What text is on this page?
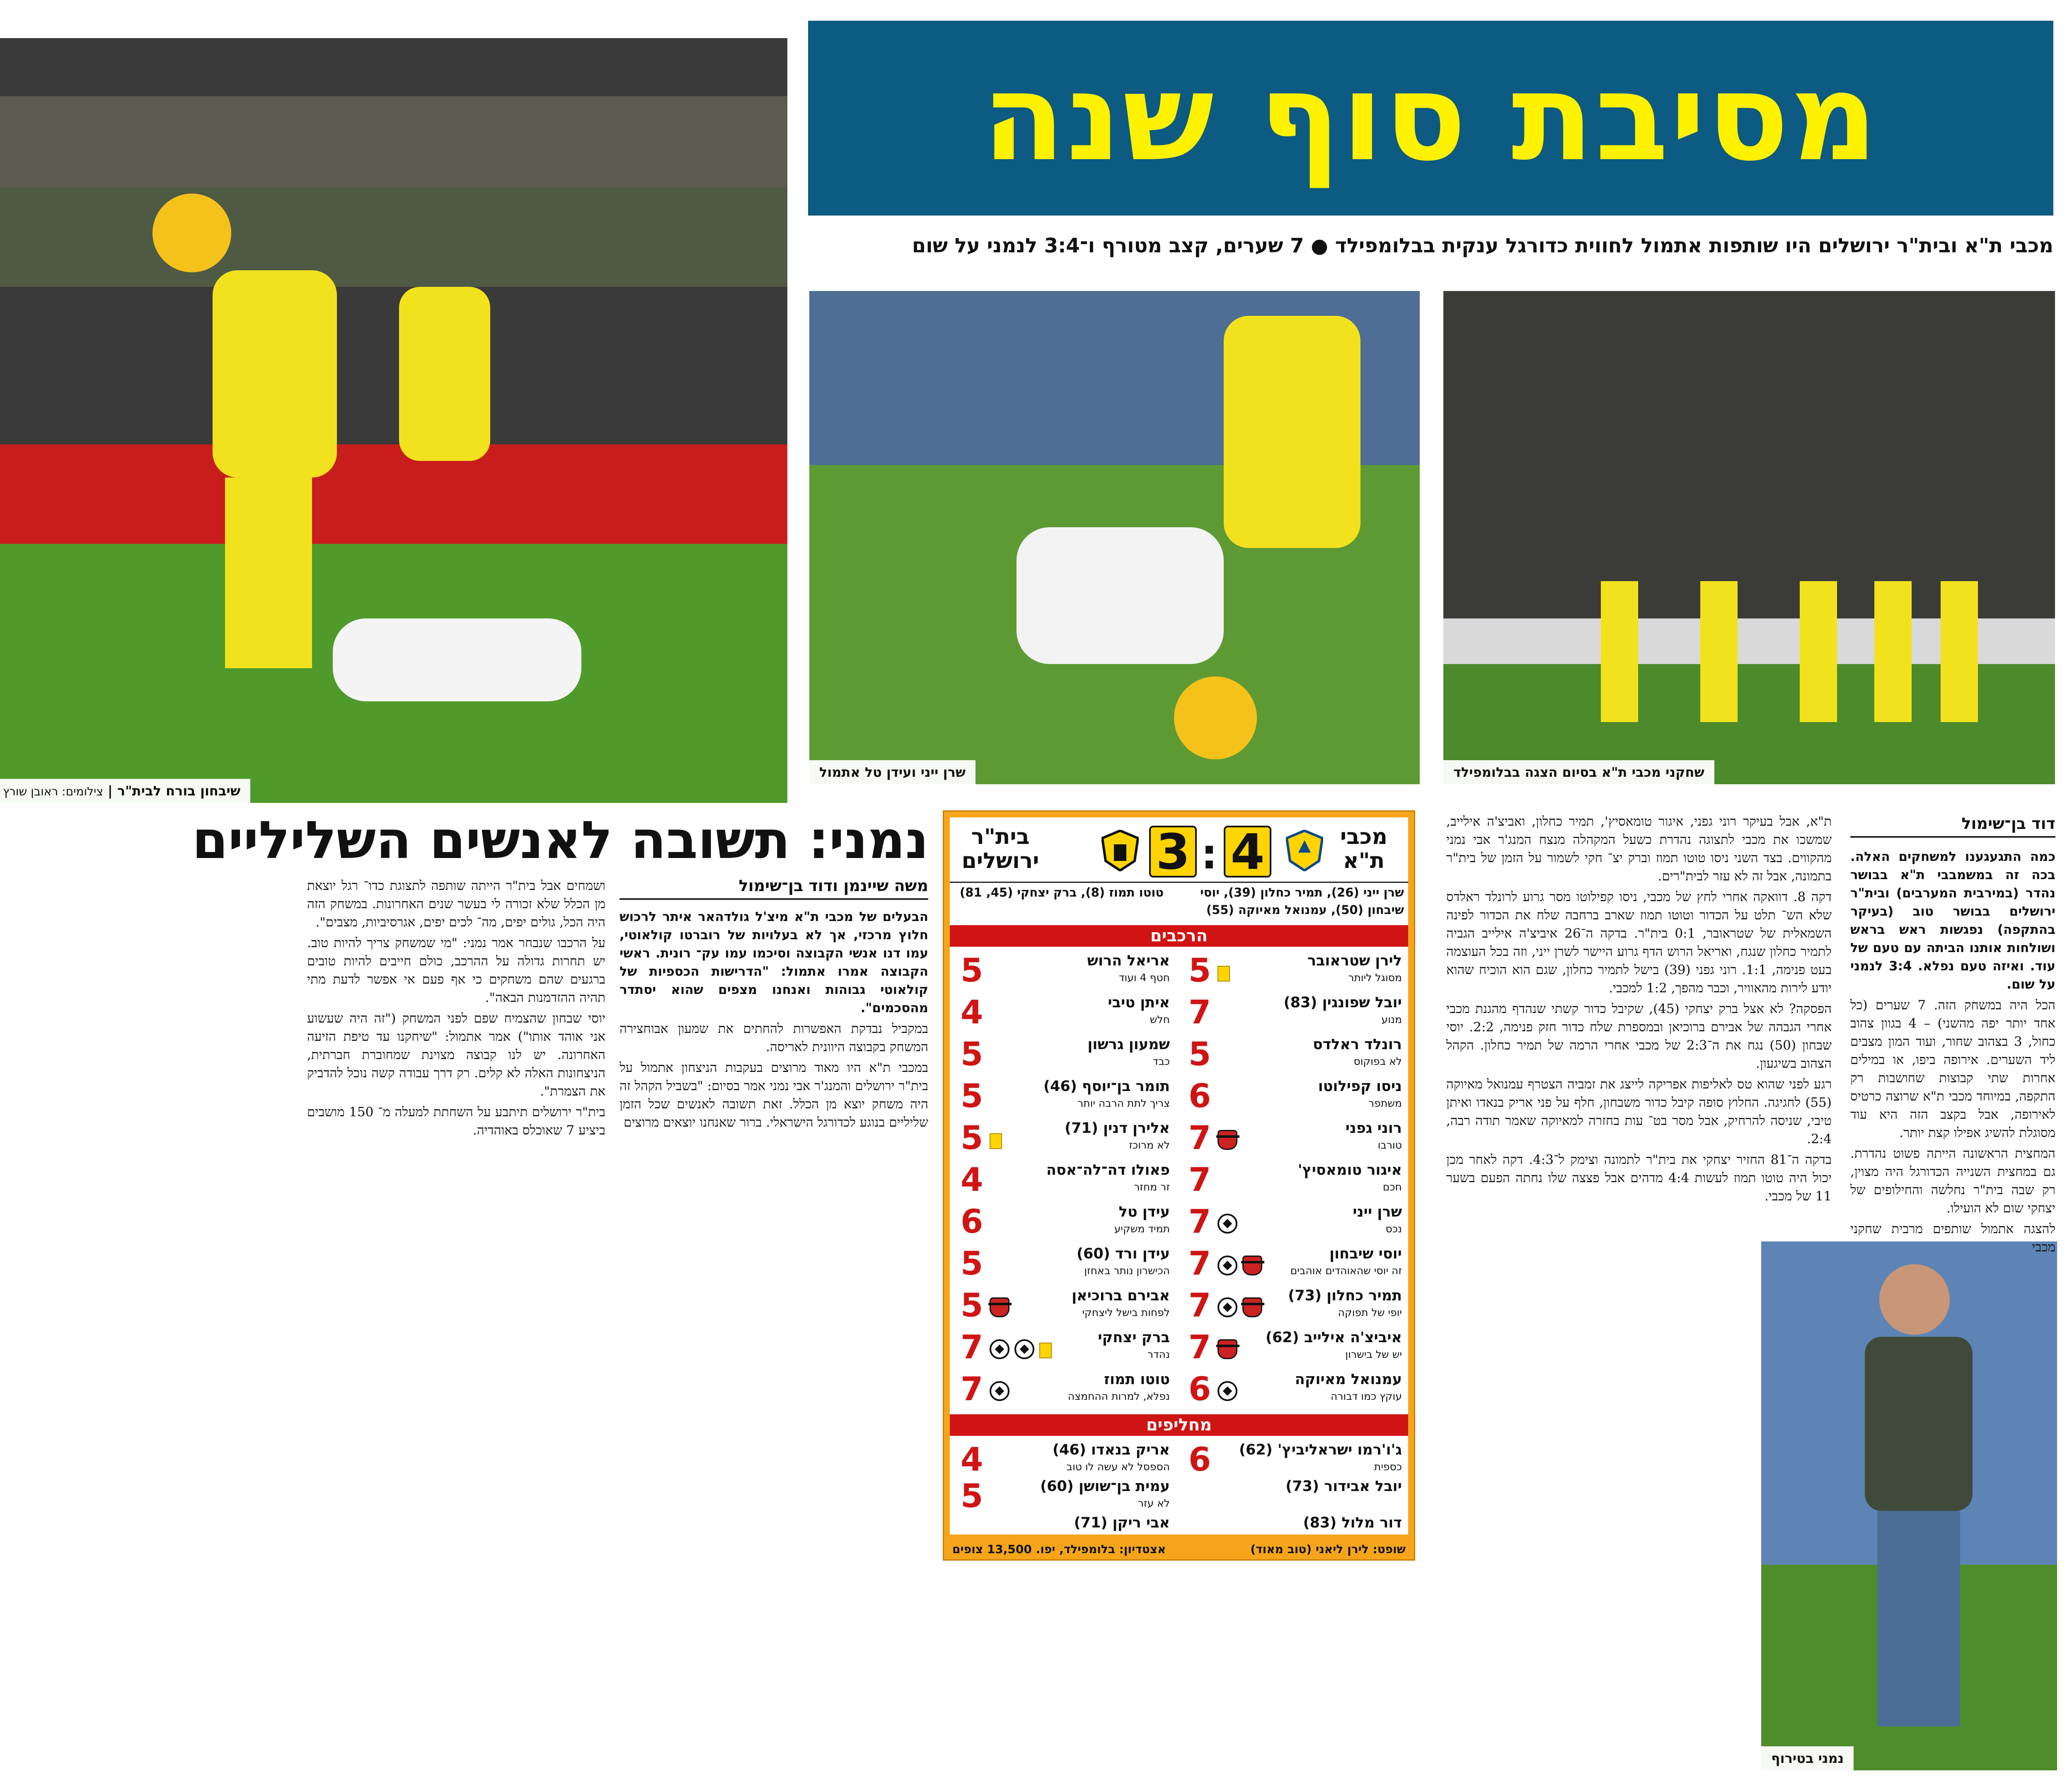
שיבחון בורח לבית"ר | צילומים: ראובן שורץ
שרן ייני ועידן טל אתמול	שחקני מכבי ת"א בסיום הצגה בבלומפילד
נמני בטירוף
מסיבת סוף שנה
מכבי ת"א ובית"ר ירושלים היו שותפות אתמול לחווית כדורגל ענקית בבלומפילד ● 7 שערים, קצב מטורף ו־3:4 לנמני על שום
דוד בן־שימול

כמה התגעגענו למשחקים האלה. בכה זה במשמבבי ת"א בבושר נהדר (במירבית המערבים) ובית"ר ירושלים בבושר טוב (בעיקר בהתקפה) נפגשות ראש בראש ושולחות אותנו הביתה עם טעם של עוד. ואיזה טעם נפלא. 3:4 לנמני על שום.

הכל היה במשחק הזה. 7 שערים (כל אחד יותר יפה מהשני) – 4 בגוון צהוב כחול, 3 בצהוב שחור, ועוד המון מצבים ליד השערים. אירופה ביפו, או במילים אחרות שתי קבוצות שחושבות רק התקפה, במיוחד מכבי ת"א שרוצה כרטיס לאירופה, אבל בקצב הזה היא עוד מסוגלת להשיג אפילו קצת יותר.

המחצית הראשונה הייתה פשוט נהדרת. גם במחצית השנייה הכדורגל היה מצוין, רק שבה בית"ר נחלשה והחילופים של יצחקי שום לא הועילו.

להצגה אתמול שותפים מרבית שחקני מכבי

ת"א, אבל בעיקר רוני גפני, איגור טומאסיץ', תמיר כחלון, ואביצ'ה אילייב, שמשכו את מכבי לתצוגה נהדרת כשעל המקהלה מנצח המנג'ר אבי נמני מהקווים. בצד השני ניסו טוטו תמוז וברק יצ־ חקי לשמור על הזמן של בית"ר בתמונה, אבל זה לא עזר לבית"רים.

דקה 8. דוואקה אחרי לחץ של מכבי, ניסו קפילוטו מסר גרוע לרונלד ראלדס שלא הש־ תלט על הכדור וטוטו תמוז שארב ברחבה שלח את הכדור לפינה השמאלית של שטראובר, 0:1 בית"ר. בדקה ה־26 איביצ'ה אילייב הגביה לתמיר כחלון שנגח, ואריאל הרוש הדף גרוע היישר לשרן ייני, וזה בכל העוצמה בעט פנימה, 1:1. רוני גפני (39) בישל לתמיר כחלון, שגם הוא הוכיח שהוא יודע לירות מהאוויר, וכבר מהפך, 1:2 למכבי.

הפסקה? לא אצל ברק יצחקי (45), שקיבל כדור קשתי שנהדף מהגנת מכבי אחרי הגבהה של אבירם ברוכיאן ובמספרת שלח כדור חזק פנימה, 2:2. יוסי שבחון (50) נגח את ה־2:3 של מכבי אחרי הרמה של תמיר כחלון. הקהל הצהוב בשיגעון.

רגע לפני שהוא טס לאליפות אפריקה לייצג את זמביה הצטרף עמנואל מאיוקה (55) לחגיגה. החלוץ סופה קיבל כדור משבחון, חלף על פני אריק בנאדו ואיתן טיבי, שניסה להרחיק, אבל מסר בט־ עות בחזרה למאיוקה שאמר תודה רבה, 2:4.

בדקה ה־81 החזיר יצחקי את בית"ר לתמונה וצימק ל־4:3. דקה לאחר מכן יכול היה טוטו תמוז לעשות 4:4 מדהים אבל פצצה שלו נחתה הפעם בשער 11 של מכבי.

מכבי ת"א
4
:
3
בית"ר ירושלים
שרן ייני (26), תמיר כחלון (39), יוסי שיבחון (50), עמנואל מאיוקה (55)
טוטו תמוז (8), ברק יצחקי (45, 81)
הרכבים
לירן שטראובר
מסוגל ליותר
5
יובל שפונגין (83)
מנוע
7
רונלד ראלדס
לא בפוקוס
5
ניסו קפילוטו
משתפר
6
רוני גפני
טורבו
7
איגור טומאסיץ'
חכם
7
שרן ייני
נכס
7
יוסי שיבחון
זה יוסי שהאוהדים אוהבים
7
תמיר כחלון (73)
יופי של תפוקה
7
איביצ'ה אילייב (62)
יש של בישרון
7
עמנואל מאיוקה
עוקץ כמו דבורה
6
אריאל הרוש
חטף 4 ועוד
5
איתן טיבי
חלש
4
שמעון גרשון
כבד
5
תומר בן־יוסף (46)
צריך לתת הרבה יותר
5
אלירן דנין (71)
לא מרוכז
5
פאולו דה־לה־אסה
זר מחזר
4
עידן טל
תמיד משקיע
6
עידן ורד (60)
הכישרון נותר באחזן
5
אבירם ברוכיאן
לפחות בישל ליצחקי
5
ברק יצחקי
נהדר
7
טוטו תמוז
נפלא, למרות ההחמצה
7
מחליפים
ג'ו'רמו ישראליביץ' (62)
כספית
6
יובל אבידור (73)
דור מלול (83)
אריק בנאדו (46)
הספסל לא עשה לו טוב
4
עמית בן־שושן (60)
לא עזר
5
אבי ריקן (71)
שופט: לירן ליאני (טוב מאוד)
אצטדיון: בלומפילד, יפו. 13,500 צופים
נמני: תשובה לאנשים השליליים
משה שיינמן ודוד בן־שימול

הבעלים של מכבי ת"א מיצ'ל גולדהאר איתר לרכוש חלוץ מרכזי, אך לא בעלויות של רוברטו קולאוטי, עמו דנו אנשי הקבוצה וסיכמו עמו עק־ רונית. ראשי הקבוצה אמרו אתמול: "הדרישות הכספיות של קולאוטי גבוהות ואנחנו מצפים שהוא יסתדר מהסכמים".

במקביל נבדקת האפשרות להחתים את שמעון אבוחצירה המשחק בקבוצה היוונית לאריסה.

במכבי ת"א היו מאוד מרוצים בעקבות הניצחון אתמול על בית"ר ירושלים והמנג'ר אבי נמני אמר בסיום: "בשביל הקהל זה היה משחק יוצא מן הכלל. זאת תשובה לאנשים שכל הזמן שליליים בנוגע לכדורגל הישראלי. ברור שאנחנו יוצאים מרוצים

ושמחים אבל בית"ר הייתה שותפה לתצוגת כדו־ רגל יוצאת מן הכלל שלא זכורה לי בעשר שנים האחרונות. במשחק הזה היה הכל, גולים יפים, מה־ לכים יפים, אגרסיביות, מצבים".

על הרכבו שנבחר אמר נמני: "מי שמשחק צריך להיות טוב. יש תחרות גדולה על ההרכב, כולם חייבים להיות טובים ברגעים שהם משחקים כי אף פעם אי אפשר לדעת מתי תהיה ההזדמנות הבאה".

יוסי שבחון שהצמיח שפם לפני המשחק ("זה היה שעשוע אני אוהד אותו") אמר אתמול: "שיחקנו עד טיפת הזיעה האחרונה. יש לנו קבוצה מצוינת שמחוברת חברתית, הניצחונות האלה לא קלים. רק דרך עבודה קשה נוכל להדביק את הצמרת".

בית"ר ירושלים תיתבע על השחתת למעלה מ־ 150 מושבים ביציע 7 שאוכלס באוהדיה.
